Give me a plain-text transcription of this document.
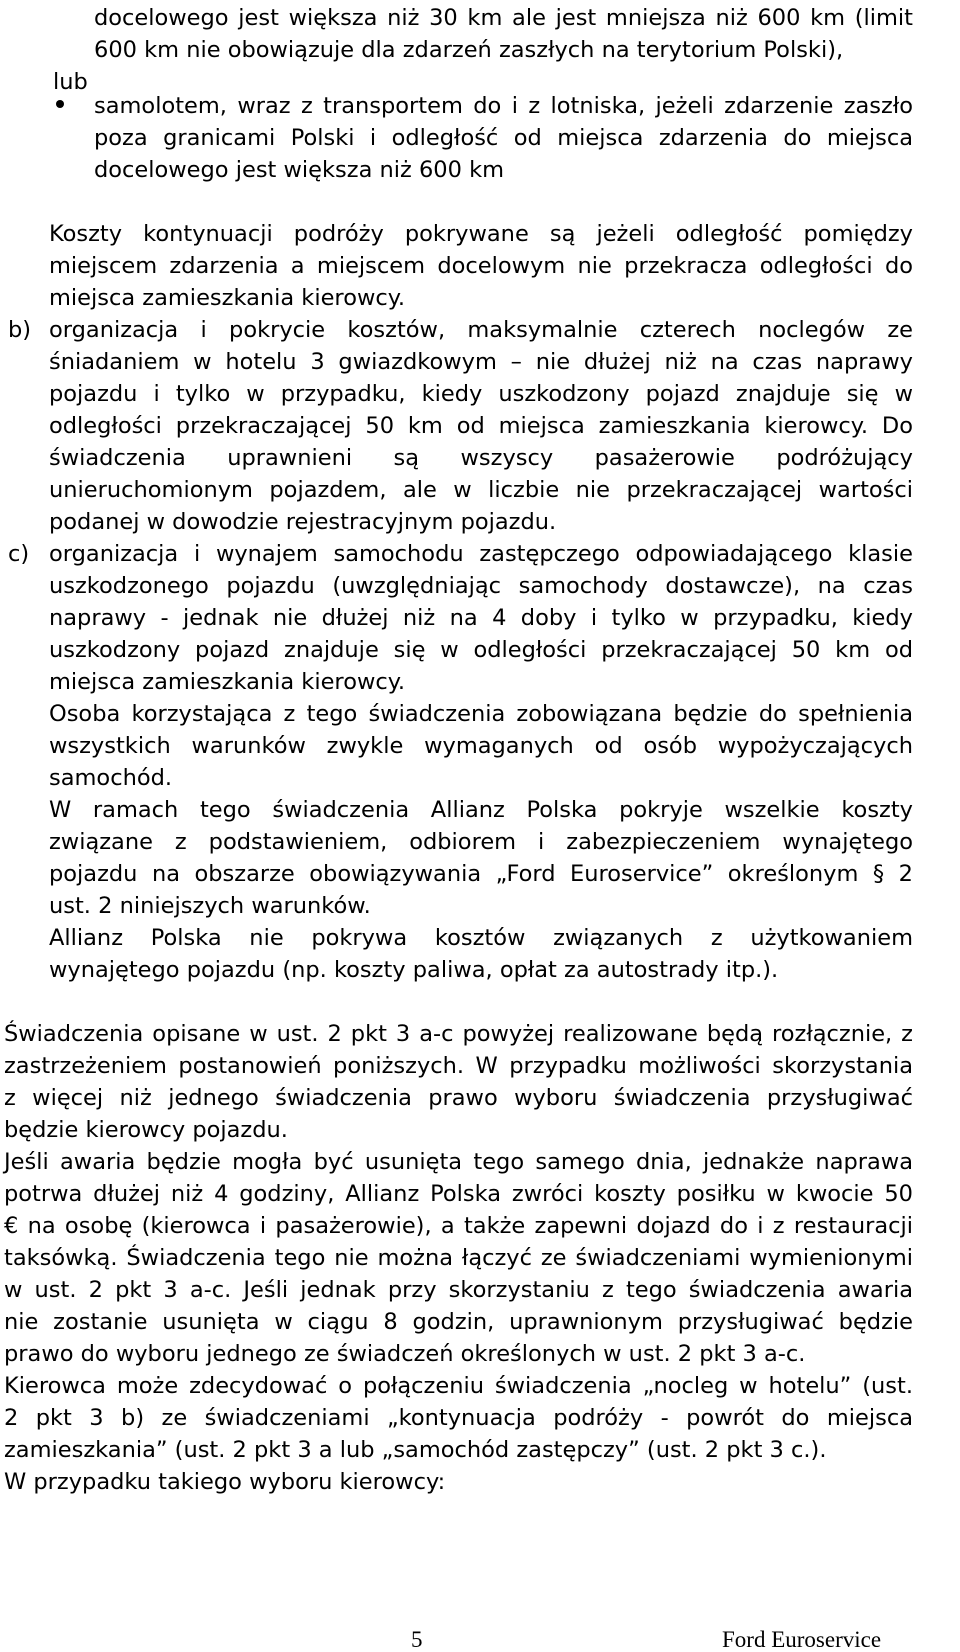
docelowego jest większa niż 30 km ale jest mniejsza niż 600 km (limit
600 km nie obowiązuje dla zdarzeń zaszłych na terytorium Polski),
lub
samolotem, wraz z transportem do i z lotniska, jeżeli zdarzenie zaszło
poza granicami Polski i odległość od miejsca zdarzenia do miejsca
docelowego jest większa niż 600 km
Koszty kontynuacji podróży pokrywane są jeżeli odległość pomiędzy
miejscem zdarzenia a miejscem docelowym nie przekracza odległości do
miejsca zamieszkania kierowcy.
b) organizacja i pokrycie kosztów, maksymalnie czterech noclegów ze
śniadaniem w hotelu 3 gwiazdkowym – nie dłużej niż na czas naprawy
pojazdu i tylko w przypadku, kiedy uszkodzony pojazd znajduje się w
odległości przekraczającej 50 km od miejsca zamieszkania kierowcy. Do
świadczenia uprawnieni są wszyscy pasażerowie podróżujący
unieruchomionym pojazdem, ale w liczbie nie przekraczającej wartości
podanej w dowodzie rejestracyjnym pojazdu.
c) organizacja i wynajem samochodu zastępczego odpowiadającego klasie
uszkodzonego pojazdu (uwzględniając samochody dostawcze), na czas
naprawy - jednak nie dłużej niż na 4 doby i tylko w przypadku, kiedy
uszkodzony pojazd znajduje się w odległości przekraczającej 50 km od
miejsca zamieszkania kierowcy.
Osoba korzystająca z tego świadczenia zobowiązana będzie do spełnienia
wszystkich warunków zwykle wymaganych od osób wypożyczających
samochód.
W ramach tego świadczenia Allianz Polska pokryje wszelkie koszty
związane z podstawieniem, odbiorem i zabezpieczeniem wynajętego
pojazdu na obszarze obowiązywania „Ford Euroservice” określonym § 2
ust. 2 niniejszych warunków.
Allianz Polska nie pokrywa kosztów związanych z użytkowaniem
wynajętego pojazdu (np. koszty paliwa, opłat za autostrady itp.).
Świadczenia opisane w ust. 2 pkt 3 a-c powyżej realizowane będą rozłącznie, z
zastrzeżeniem postanowień poniższych. W przypadku możliwości skorzystania
z więcej niż jednego świadczenia prawo wyboru świadczenia przysługiwać
będzie kierowcy pojazdu.
Jeśli awaria będzie mogła być usunięta tego samego dnia, jednakże naprawa
potrwa dłużej niż 4 godziny, Allianz Polska zwróci koszty posiłku w kwocie 50
€ na osobę (kierowca i pasażerowie), a także zapewni dojazd do i z restauracji
taksówką. Świadczenia tego nie można łączyć ze świadczeniami wymienionymi
w ust. 2 pkt 3 a-c. Jeśli jednak przy skorzystaniu z tego świadczenia awaria
nie zostanie usunięta w ciągu 8 godzin, uprawnionym przysługiwać będzie
prawo do wyboru jednego ze świadczeń określonych w ust. 2 pkt 3 a-c.
Kierowca może zdecydować o połączeniu świadczenia „nocleg w hotelu” (ust.
2 pkt 3 b) ze świadczeniami „kontynuacja podróży - powrót do miejsca
zamieszkania” (ust. 2 pkt 3 a lub „samochód zastępczy” (ust. 2 pkt 3 c.).
W przypadku takiego wyboru kierowcy:
5	Ford Euroservice
